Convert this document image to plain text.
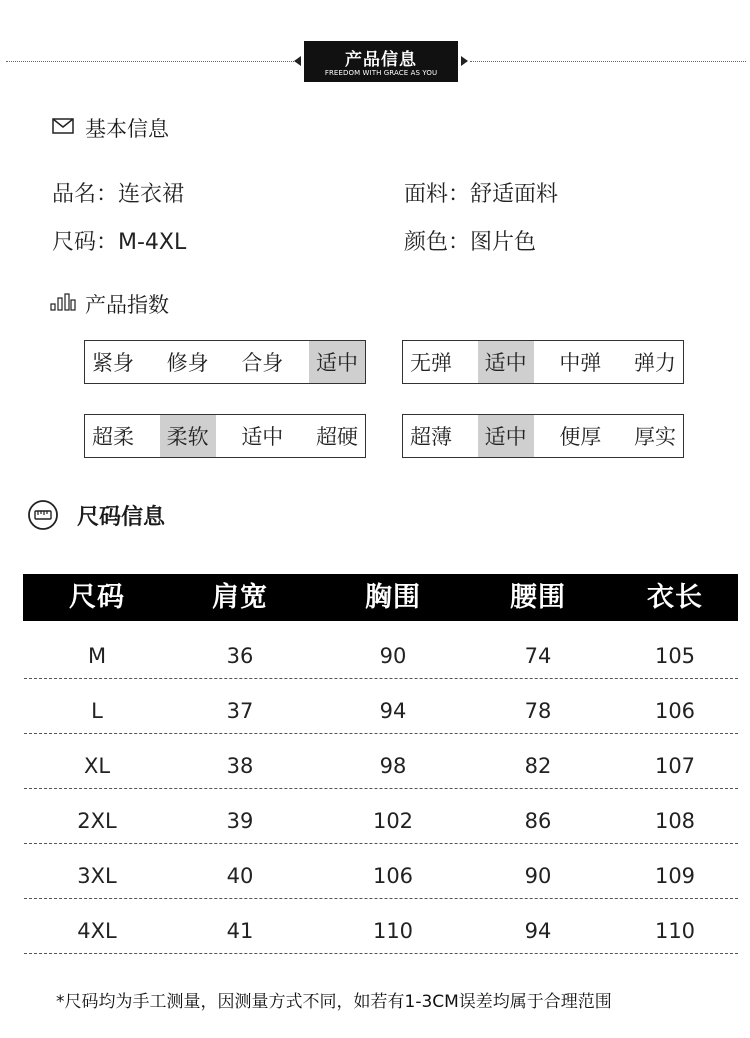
产品信息
FREEDOM WITH GRACE AS YOU
基本信息
品名：连衣裙	面料：舒适面料
尺码：M-4XL	颜色：图片色
产品指数
紧身	修身	合身	适中	无弹	适中	中弹	弹力
超柔	柔软	适中	超硬	超薄	适中	便厚	厚实
尺码信息
尺码	肩宽	胸围	腰围	衣长
M	36	90	74	105
L	37	94	78	106
XL	38	98	82	107
2XL	39	102	86	108
3XL	40	106	90	109
4XL	41	110	94	110
*尺码均为手工测量，因测量方式不同，如若有1-3CM误差均属于合理范围
